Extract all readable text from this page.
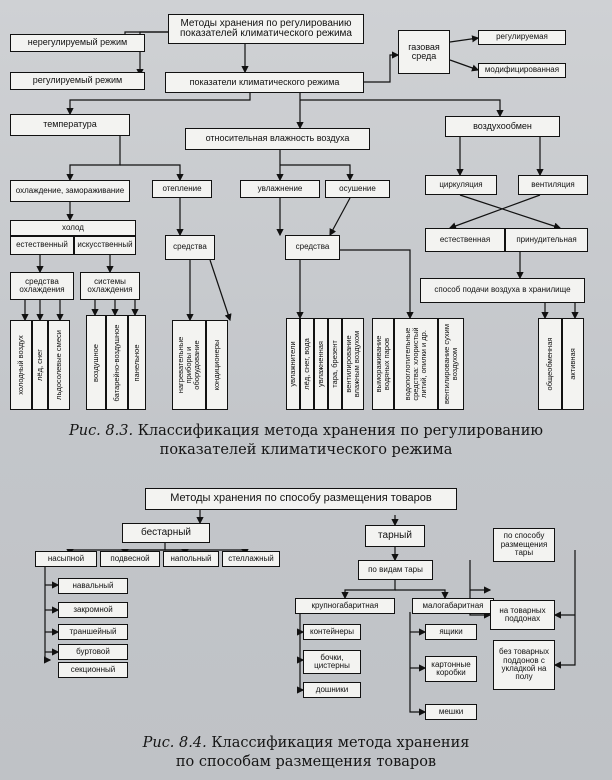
Методы хранения по регулированию показателей климатического режима
нерегулируемый режим
регулируемый режим	показатели климатического режима
газовая среда
регулируемая
модифицированная
температура
относительная влажность воздуха
воздухообмен
охлаждение, замораживание	отепление	увлажнение	осушение	циркуляция	вентиляция
холод
естественный	искусственный
средства охлаждения
системы охлаждения
средства	средства
естественная	принудительная
способ подачи воздуха в хранилище
холодный воздух лёд, снег льдосолевые смеси	воздушное батарейно-воздушное панельное	нагревательные приборы и оборудование кондиционеры	увлажнители лёд, снег, вода увлажненная тара, брезент вентилирование влажным воздухом вымораживание водяных паров водопоглотительные средства: хлористый литий, опилки и др. вентилирование сухим воздухом	общеобменная активная
Рис. 8.3. Классификация метода хранения по регулирoванию
показателей климатического режима
Методы хранения по способу размещения товаров
бестарный	тарный
насыпной	подвесной	напольный	стеллажный
навальный
закромной
траншейный
буртовой
секционный
по видам тары
крупногабаритная	малогабаритная
контейнеры
бочки, цистерны
дошники
ящики
картонные коробки
мешки
по способу размещения тары
на товарных поддонах
без товарных поддонов с укладкой на полу
Рис. 8.4. Классификация метода хранения
по способам размещения товаров
